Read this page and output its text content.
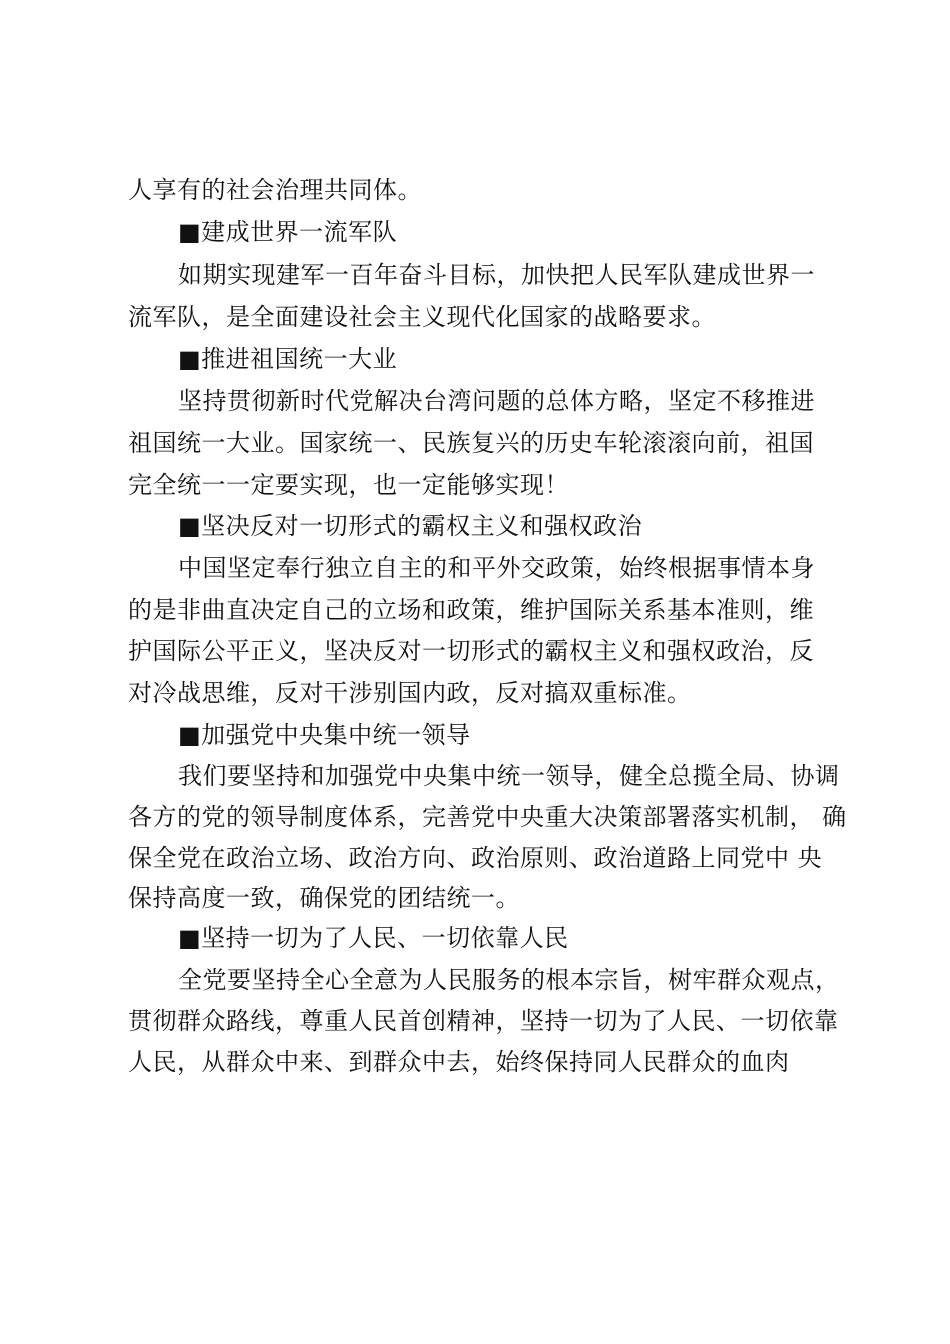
人享有的社会治理共同体。
■建成世界一流军队
如期实现建军一百年奋斗目标，加快把人民军队建成世界一
流军队，是全面建设社会主义现代化国家的战略要求。
■推进祖国统一大业
坚持贯彻新时代党解决台湾问题的总体方略，坚定不移推进
祖国统一大业。国家统一、民族复兴的历史车轮滚滚向前，祖国
完全统一一定要实现，也一定能够实现！
■坚决反对一切形式的霸权主义和强权政治
中国坚定奉行独立自主的和平外交政策，始终根据事情本身
的是非曲直决定自己的立场和政策，维护国际关系基本准则，维
护国际公平正义，坚决反对一切形式的霸权主义和强权政治，反
对冷战思维，反对干涉别国内政，反对搞双重标准。
■加强党中央集中统一领导
我们要坚持和加强党中央集中统一领导，健全总揽全局、协调
各方的党的领导制度体系，完善党中央重大决策部署落实机制， 确
保全党在政治立场、政治方向、政治原则、政治道路上同党中 央
保持高度一致，确保党的团结统一。
■坚持一切为了人民、一切依靠人民
全党要坚持全心全意为人民服务的根本宗旨，树牢群众观点，
贯彻群众路线，尊重人民首创精神，坚持一切为了人民、一切依靠
人民，从群众中来、到群众中去，始终保持同人民群众的血肉
